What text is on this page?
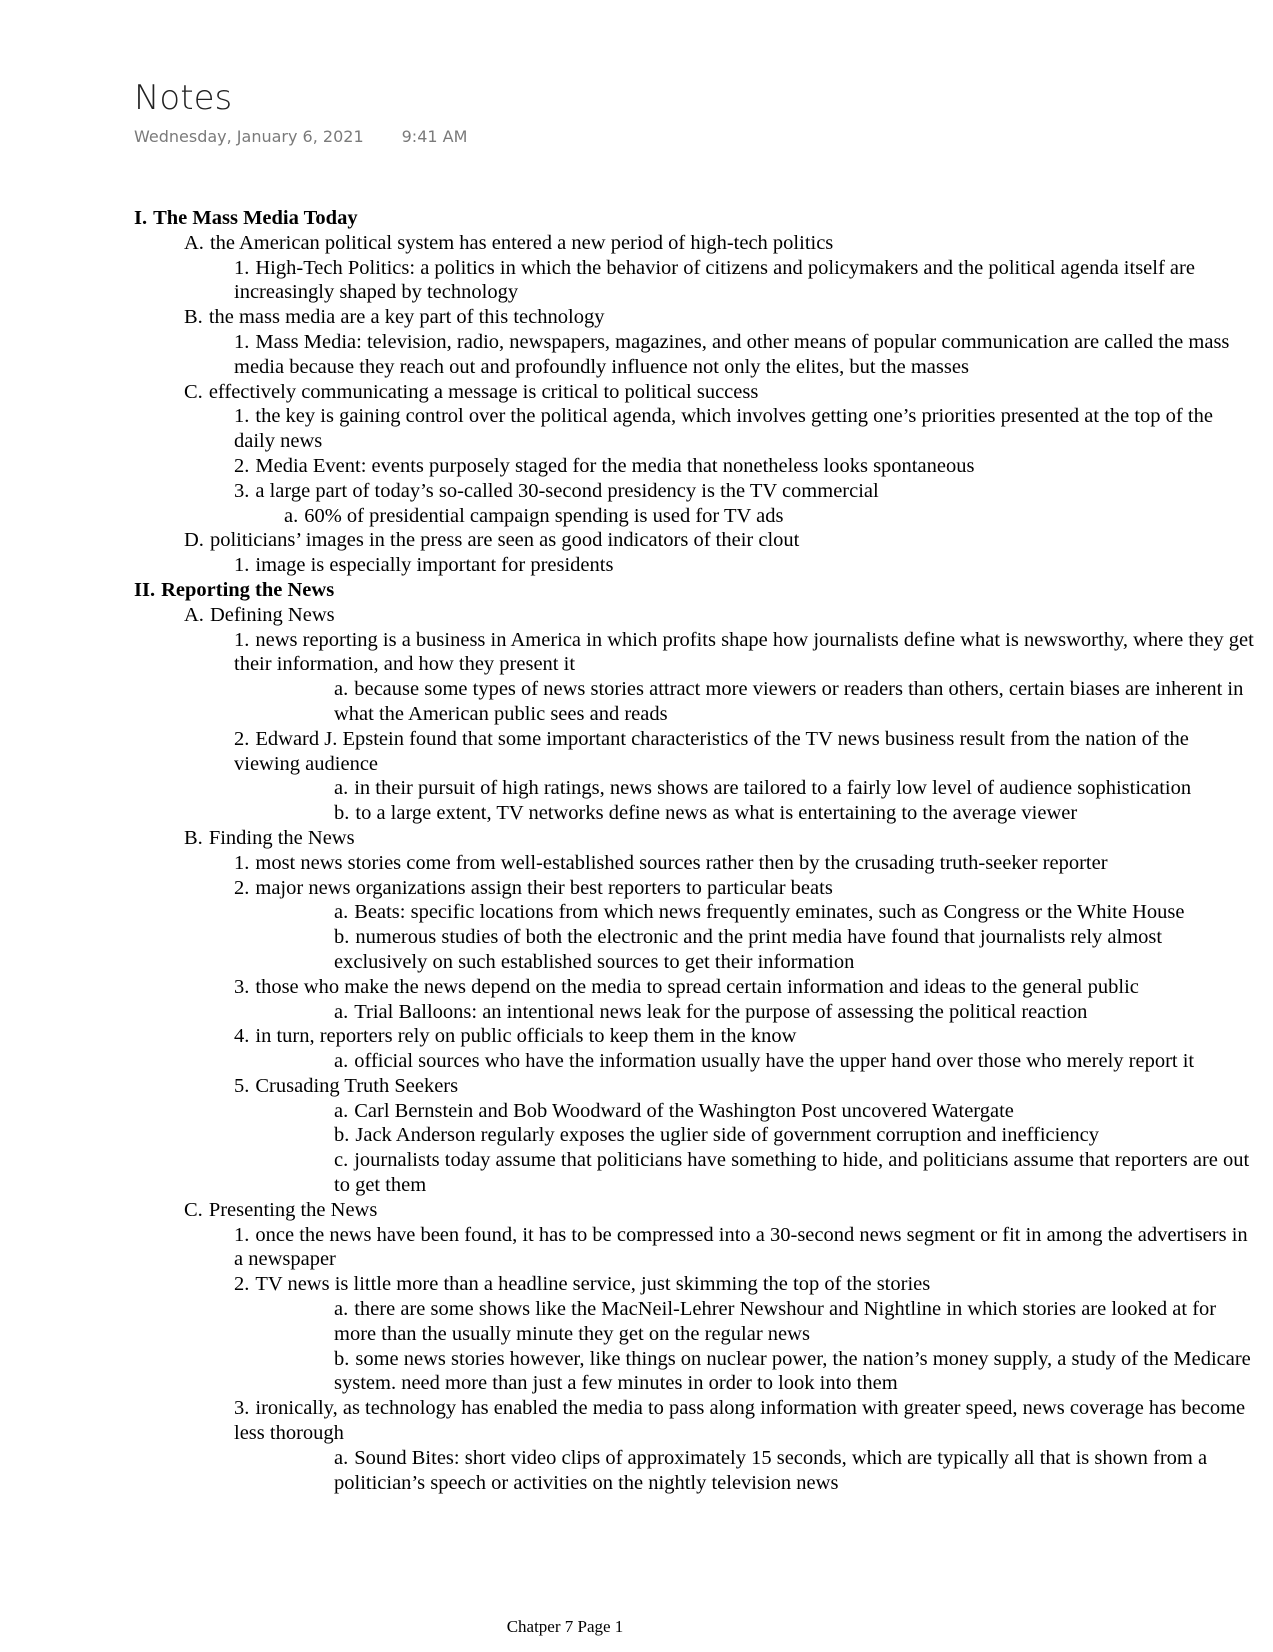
Notes
Wednesday, January 6, 2021 9:41 AM
I. The Mass Media Today
A. the American political system has entered a new period of high-tech politics
1. High-Tech Politics: a politics in which the behavior of citizens and policymakers and the political agenda itself are increasingly shaped by technology
B. the mass media are a key part of this technology
1. Mass Media: television, radio, newspapers, magazines, and other means of popular communication are called the mass media because they reach out and profoundly influence not only the elites, but the masses
C. effectively communicating a message is critical to political success
1. the key is gaining control over the political agenda, which involves getting one’s priorities presented at the top of the daily news
2. Media Event: events purposely staged for the media that nonetheless looks spontaneous
3. a large part of today’s so-called 30-second presidency is the TV commercial
a. 60% of presidential campaign spending is used for TV ads
D. politicians’ images in the press are seen as good indicators of their clout
1. image is especially important for presidents
II. Reporting the News
A. Defining News
1. news reporting is a business in America in which profits shape how journalists define what is newsworthy, where they get their information, and how they present it
a. because some types of news stories attract more viewers or readers than others, certain biases are inherent in what the American public sees and reads
2. Edward J. Epstein found that some important characteristics of the TV news business result from the nation of the viewing audience
a. in their pursuit of high ratings, news shows are tailored to a fairly low level of audience sophistication
b. to a large extent, TV networks define news as what is entertaining to the average viewer
B. Finding the News
1. most news stories come from well-established sources rather then by the crusading truth-seeker reporter
2. major news organizations assign their best reporters to particular beats
a. Beats: specific locations from which news frequently eminates, such as Congress or the White House
b. numerous studies of both the electronic and the print media have found that journalists rely almost exclusively on such established sources to get their information
3. those who make the news depend on the media to spread certain information and ideas to the general public
a. Trial Balloons: an intentional news leak for the purpose of assessing the political reaction
4. in turn, reporters rely on public officials to keep them in the know
a. official sources who have the information usually have the upper hand over those who merely report it
5. Crusading Truth Seekers
a. Carl Bernstein and Bob Woodward of the Washington Post uncovered Watergate
b. Jack Anderson regularly exposes the uglier side of government corruption and inefficiency
c. journalists today assume that politicians have something to hide, and politicians assume that reporters are out to get them
C. Presenting the News
1. once the news have been found, it has to be compressed into a 30-second news segment or fit in among the advertisers in a newspaper
2. TV news is little more than a headline service, just skimming the top of the stories
a. there are some shows like the MacNeil-Lehrer Newshour and Nightline in which stories are looked at for more than the usually minute they get on the regular news
b. some news stories however, like things on nuclear power, the nation’s money supply, a study of the Medicare system. need more than just a few minutes in order to look into them
3. ironically, as technology has enabled the media to pass along information with greater speed, news coverage has become less thorough
a. Sound Bites: short video clips of approximately 15 seconds, which are typically all that is shown from a politician’s speech or activities on the nightly television news
Chatper 7 Page 1
